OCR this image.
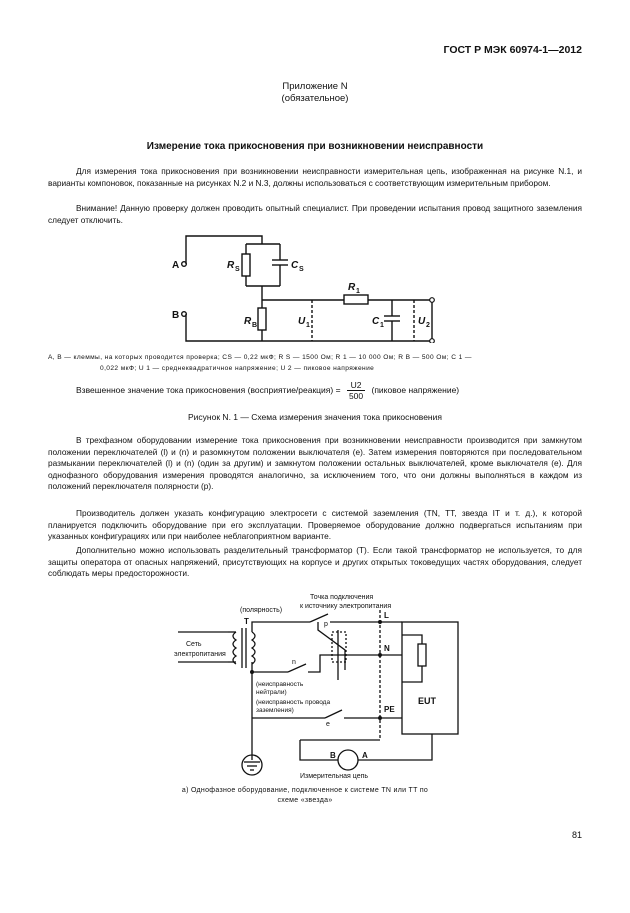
ГОСТ Р МЭК 60974-1—2012
Приложение N
(обязательное)
Измерение тока прикосновения при возникновении неисправности

Для измерения тока прикосновения при возникновении неисправности измерительная цепь, изображенная на рисунке N.1, и варианты компоновок, показанные на рисунках N.2 и N.3, должны использоваться с соответствующим измерительным прибором.

Внимание! Данную проверку должен проводить опытный специалист. При проведении испытания провод защитного заземления следует отключить.

A
B
R S	C S
R 1
R B	U 1	C 1	U 2
A, B — клеммы, на которых проводится проверка; CS — 0,22 мкФ; R S — 1500 Ом; R 1 — 10 000 Ом; R B — 500 Ом; C 1 —
0,022 мкФ; U 1 — среднеквадратичное напряжение; U 2 — пиковое напряжение
Взвешенное значение тока прикосновения (восприятие/реакция) = $\frac{U2}{500}$ (пиковое напряжение)
Рисунок N. 1 — Схема измерения значения тока прикосновения

В трехфазном оборудовании измерение тока прикосновения при возникновении неисправности производится при замкнутом положении переключателей (l) и (n) и разомкнутом положении выключателя (e). Затем измерения повторяются при последовательном размыкании переключателей (l) и (n) (один за другим) и замкнутом положении остальных выключателей, кроме выключателя (e). Для однофазного оборудования измерения проводятся аналогично, за исключением того, что они должны выполняться в каждом из положений переключателя полярности (p).

Производитель должен указать конфигурацию электросети с системой заземления (TN, TT, звезда IT и т. д.), к которой планируется подключить оборудование при его эксплуатации. Проверяемое оборудование должно подвергаться испытаниям при указанных конфигурациях или при наиболее неблагоприятном варианте.

Дополнительно можно использовать разделительный трансформатор (T). Если такой трансформатор не используется, то для защиты оператора от опасных напряжений, присутствующих на корпусе и других открытых токоведущих частях оборудования, следует соблюдать меры предосторожности.

Сеть
электропитания
(полярность)
T
Точка подключения
к источнику электропитания
p
L
n
N
(неисправность
нейтрали)
(неисправность провода
заземления)	PE
e
EUT
B	A
Измерительная цепь
a) Однофазное оборудование, подключенное к системе TN или TT по
схеме «звезда»
81
